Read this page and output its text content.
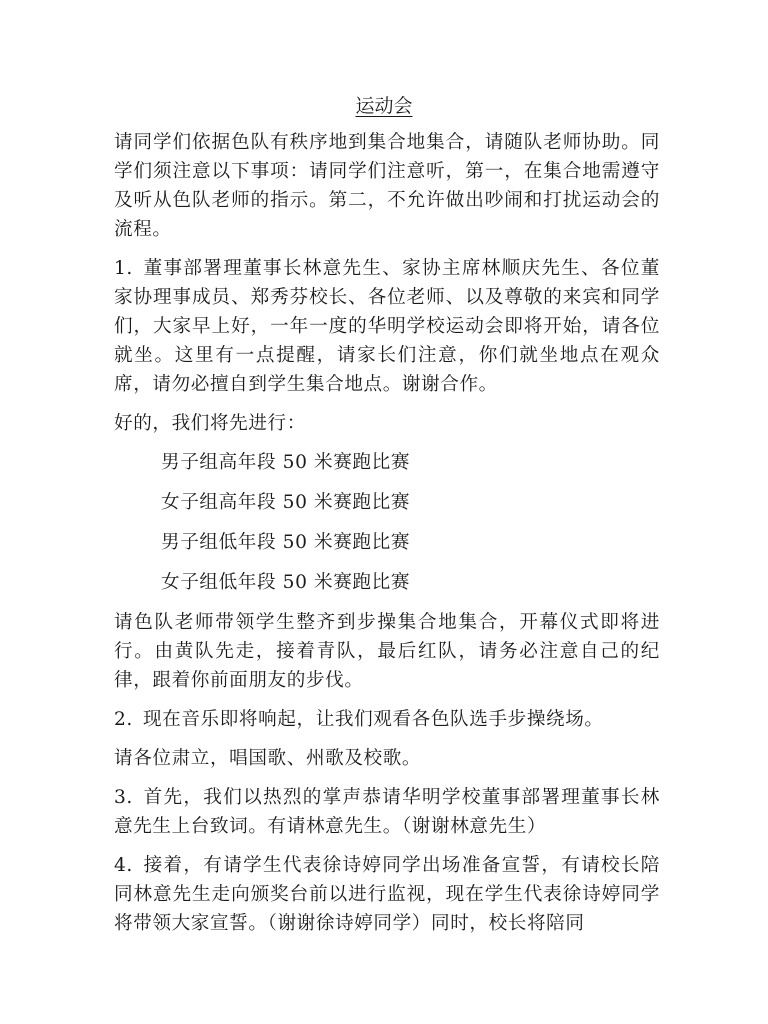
运动会

请同学们依据色队有秩序地到集合地集合，请随队老师协助。同学们须注意以下事项：请同学们注意听，第一，在集合地需遵守及听从色队老师的指示。第二，不允许做出吵闹和打扰运动会的流程。

1. 董事部署理董事长林意先生、家协主席林顺庆先生、各位董家协理事成员、郑秀芬校长、各位老师、以及尊敬的来宾和同学们，大家早上好，一年一度的华明学校运动会即将开始，请各位就坐。这里有一点提醒，请家长们注意，你们就坐地点在观众席，请勿必擅自到学生集合地点。谢谢合作。

好的，我们将先进行：

男子组高年段 50 米赛跑比赛
女子组高年段 50 米赛跑比赛
男子组低年段 50 米赛跑比赛
女子组低年段 50 米赛跑比赛

请色队老师带领学生整齐到步操集合地集合，开幕仪式即将进行。由黄队先走，接着青队，最后红队，请务必注意自己的纪律，跟着你前面朋友的步伐。

2. 现在音乐即将响起，让我们观看各色队选手步操绕场。

请各位肃立，唱国歌、州歌及校歌。

3. 首先，我们以热烈的掌声恭请华明学校董事部署理董事长林意先生上台致词。有请林意先生。（谢谢林意先生）

4. 接着，有请学生代表徐诗婷同学出场准备宣誓，有请校长陪同林意先生走向颁奖台前以进行监视，现在学生代表徐诗婷同学将带领大家宣誓。（谢谢徐诗婷同学）同时，校长将陪同
